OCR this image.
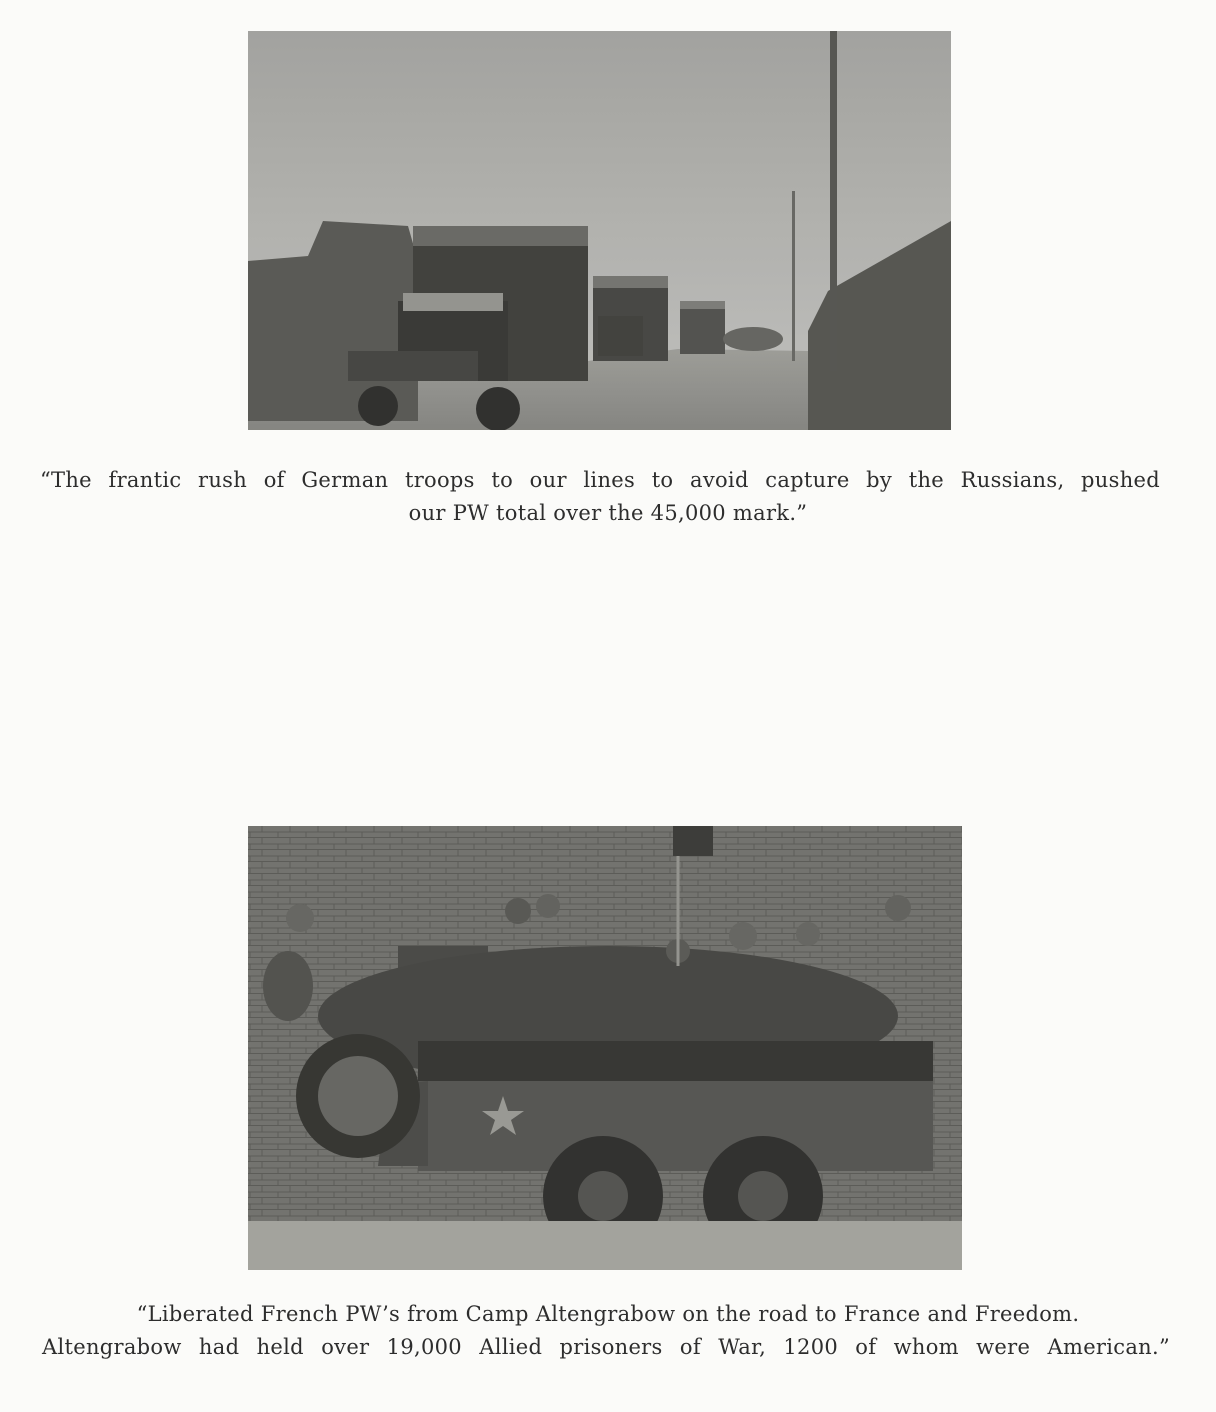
“The frantic rush of German troops to our lines to avoid capture by the Russians, pushed
our PW total over the 45,000 mark.”
“Liberated French PW’s from Camp Altengrabow on the road to France and Freedom.
Altengrabow had held over 19,000 Allied prisoners of War, 1200 of whom were American.”
